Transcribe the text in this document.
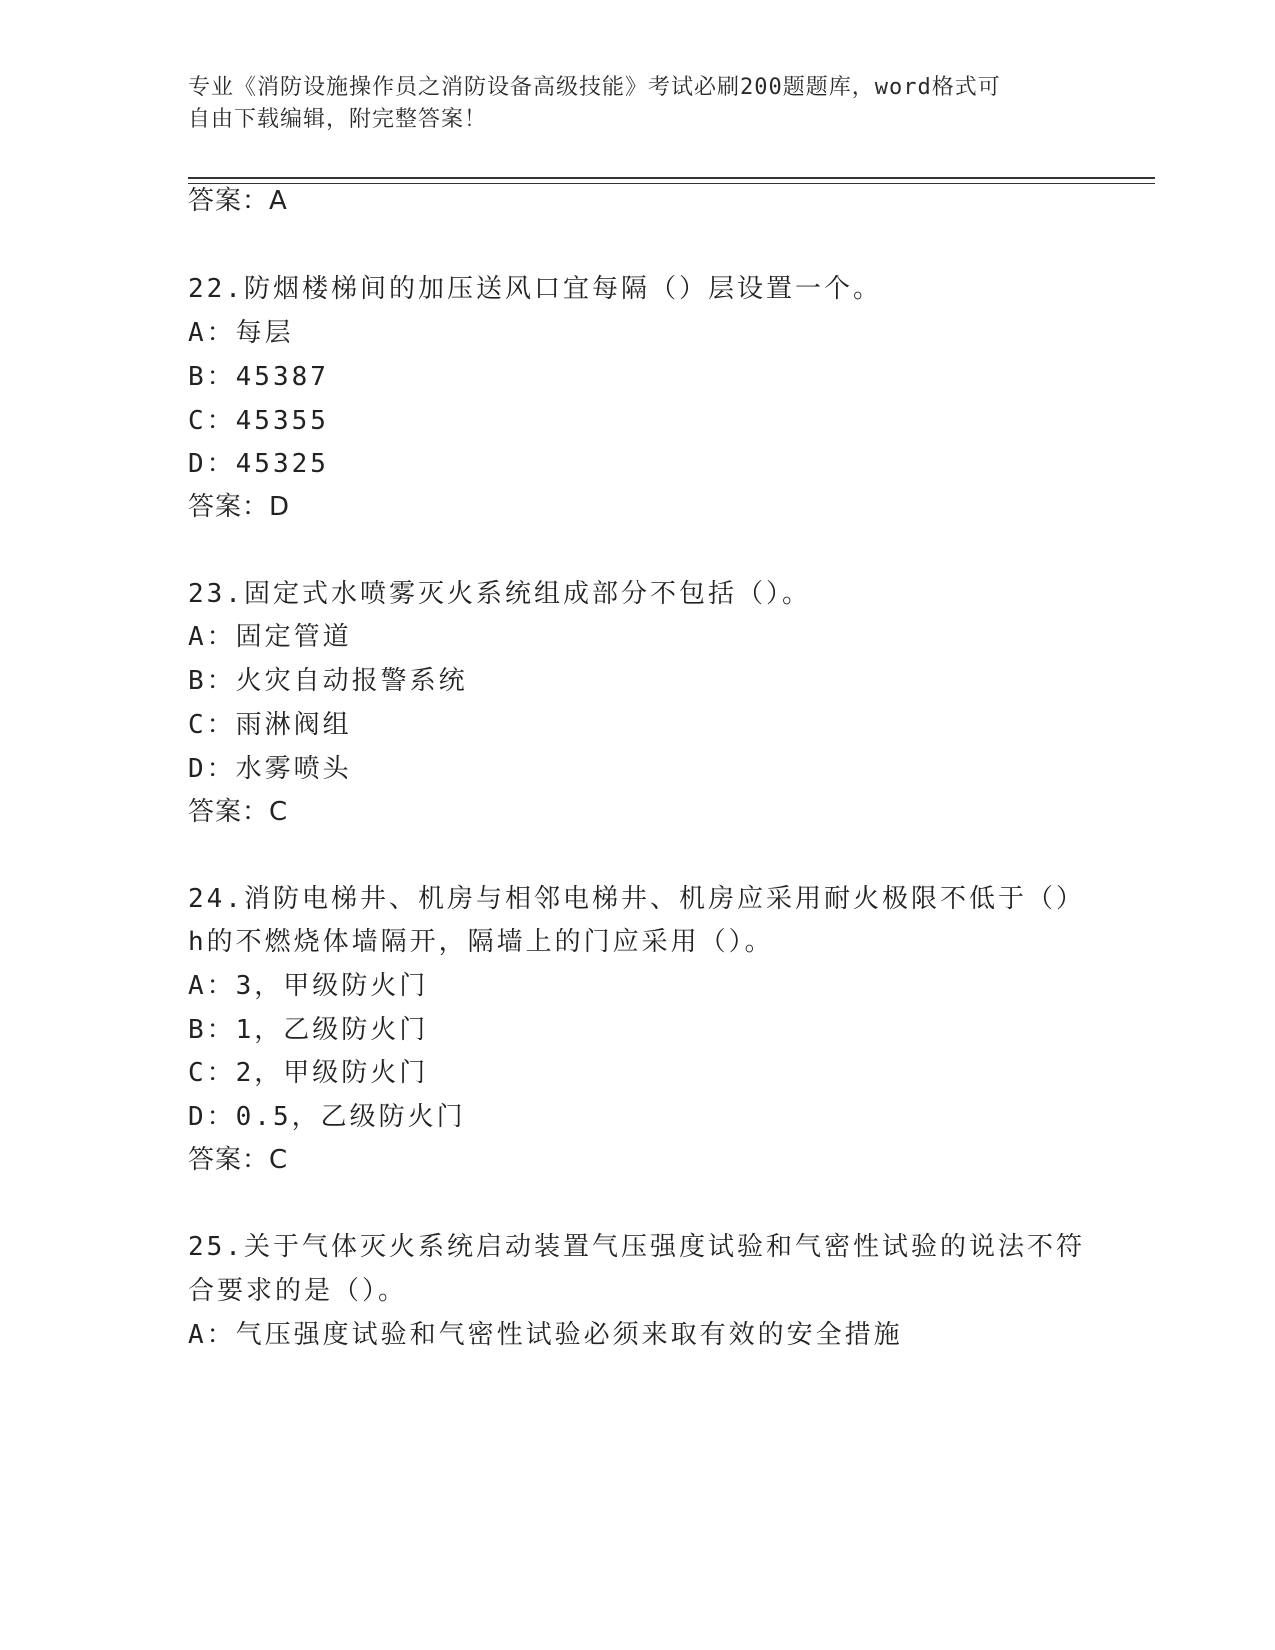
专业《消防设施操作员之消防设备高级技能》考试必刷200题题库，word格式可
自由下载编辑，附完整答案！
答案：A
22.防烟楼梯间的加压送风口宜每隔（）层设置一个。
A：每层
B：45387
C：45355
D：45325
答案：D
23.固定式水喷雾灭火系统组成部分不包括（）。
A：固定管道
B：火灾自动报警系统
C：雨淋阀组
D：水雾喷头
答案：C
24.消防电梯井、机房与相邻电梯井、机房应采用耐火极限不低于（）
h的不燃烧体墙隔开，隔墙上的门应采用（）。
A：3，甲级防火门
B：1，乙级防火门
C：2，甲级防火门
D：0.5，乙级防火门
答案：C
25.关于气体灭火系统启动装置气压强度试验和气密性试验的说法不符
合要求的是（）。
A：气压强度试验和气密性试验必须来取有效的安全措施
